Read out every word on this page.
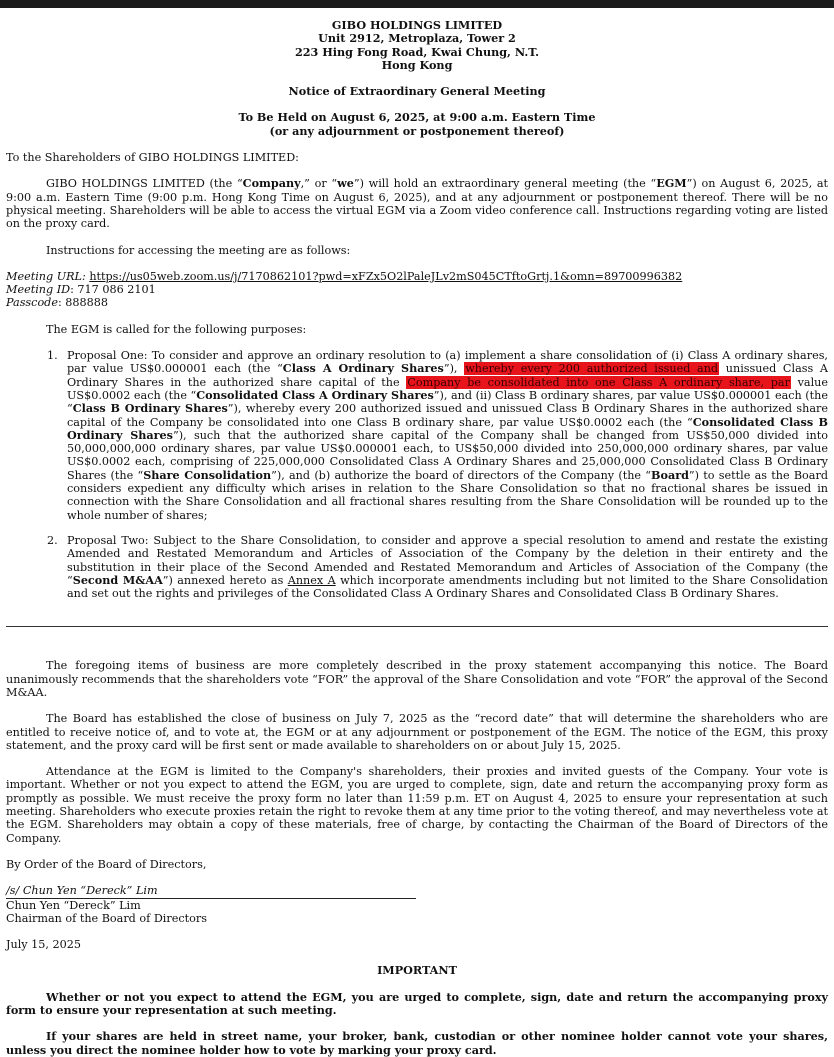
GIBO HOLDINGS LIMITED
Unit 2912, Metroplaza, Tower 2
223 Hing Fong Road, Kwai Chung, N.T.
Hong Kong
Notice of Extraordinary General Meeting
To Be Held on August 6, 2025, at 9:00 a.m. Eastern Time
(or any adjournment or postponement thereof)

To the Shareholders of GIBO HOLDINGS LIMITED:

GIBO HOLDINGS LIMITED (the “Company,” or “we”) will hold an extraordinary general meeting (the “EGM”) on August 6, 2025, at 9:00 a.m. Eastern Time (9:00 p.m. Hong Kong Time on August 6, 2025), and at any adjournment or postponement thereof. There will be no physical meeting. Shareholders will be able to access the virtual EGM via a Zoom video conference call. Instructions regarding voting are listed on the proxy card.

Instructions for accessing the meeting are as follows:

Meeting URL: https://us05web.zoom.us/j/7170862101?pwd=xFZx5O2lPaleJLv2mS045CTftoGrtj.1&omn=89700996382
Meeting ID: 717 086 2101
Passcode: 888888

The EGM is called for the following purposes:

1. Proposal One: To consider and approve an ordinary resolution to (a) implement a share consolidation of (i) Class A ordinary shares, par value US$0.000001 each (the “Class A Ordinary Shares”), whereby every 200 authorized issued and unissued Class A Ordinary Shares in the authorized share capital of the Company be consolidated into one Class A ordinary share, par value US$0.0002 each (the “Consolidated Class A Ordinary Shares”), and (ii) Class B ordinary shares, par value US$0.000001 each (the “Class B Ordinary Shares”), whereby every 200 authorized issued and unissued Class B Ordinary Shares in the authorized share capital of the Company be consolidated into one Class B ordinary share, par value US$0.0002 each (the “Consolidated Class B Ordinary Shares”), such that the authorized share capital of the Company shall be changed from US$50,000 divided into 50,000,000,000 ordinary shares, par value US$0.000001 each, to US$50,000 divided into 250,000,000 ordinary shares, par value US$0.0002 each, comprising of 225,000,000 Consolidated Class A Ordinary Shares and 25,000,000 Consolidated Class B Ordinary Shares (the “Share Consolidation”), and (b) authorize the board of directors of the Company (the “Board”) to settle as the Board considers expedient any difficulty which arises in relation to the Share Consolidation so that no fractional shares be issued in connection with the Share Consolidation and all fractional shares resulting from the Share Consolidation will be rounded up to the whole number of shares;
2. Proposal Two: Subject to the Share Consolidation, to consider and approve a special resolution to amend and restate the existing Amended and Restated Memorandum and Articles of Association of the Company by the deletion in their entirety and the substitution in their place of the Second Amended and Restated Memorandum and Articles of Association of the Company (the “Second M&AA”) annexed hereto as Annex A which incorporate amendments including but not limited to the Share Consolidation and set out the rights and privileges of the Consolidated Class A Ordinary Shares and Consolidated Class B Ordinary Shares.

The foregoing items of business are more completely described in the proxy statement accompanying this notice. The Board unanimously recommends that the shareholders vote “FOR” the approval of the Share Consolidation and vote “FOR” the approval of the Second M&AA.

The Board has established the close of business on July 7, 2025 as the “record date” that will determine the shareholders who are entitled to receive notice of, and to vote at, the EGM or at any adjournment or postponement of the EGM. The notice of the EGM, this proxy statement, and the proxy card will be first sent or made available to shareholders on or about July 15, 2025.

Attendance at the EGM is limited to the Company's shareholders, their proxies and invited guests of the Company. Your vote is important. Whether or not you expect to attend the EGM, you are urged to complete, sign, date and return the accompanying proxy form as promptly as possible. We must receive the proxy form no later than 11:59 p.m. ET on August 4, 2025 to ensure your representation at such meeting. Shareholders who execute proxies retain the right to revoke them at any time prior to the voting thereof, and may nevertheless vote at the EGM. Shareholders may obtain a copy of these materials, free of charge, by contacting the Chairman of the Board of Directors of the Company.

By Order of the Board of Directors,

/s/ Chun Yen “Dereck” Lim
Chun Yen “Dereck” Lim
Chairman of the Board of Directors

July 15, 2025

IMPORTANT

Whether or not you expect to attend the EGM, you are urged to complete, sign, date and return the accompanying proxy form to ensure your representation at such meeting.

If your shares are held in street name, your broker, bank, custodian or other nominee holder cannot vote your shares, unless you direct the nominee holder how to vote by marking your proxy card.
